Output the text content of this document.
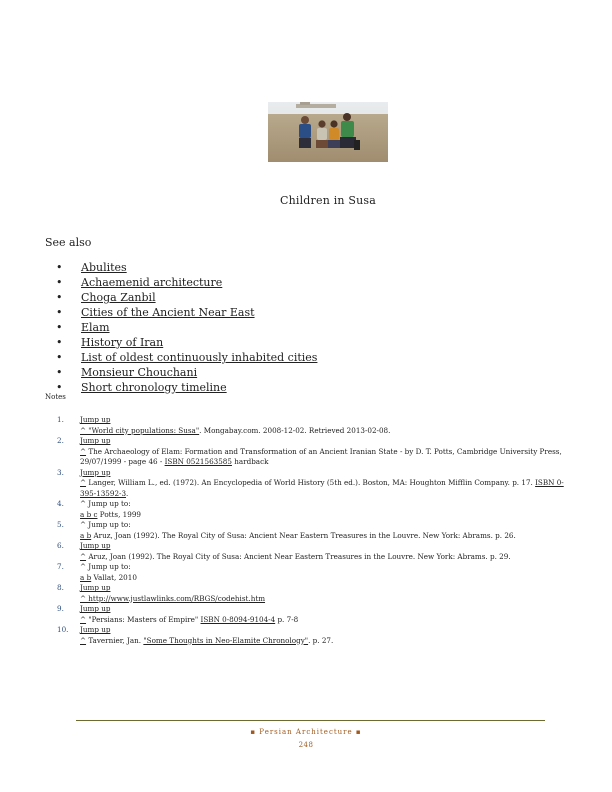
Children in Susa
See also
• Abulites
• Achaemenid architecture
• Choga Zanbil
• Cities of the Ancient Near East
• Elam
• History of Iran
• List of oldest continuously inhabited cities
• Monsieur Chouchani
• Short chronology timeline
Notes
1.	Jump up
^ "World city populations: Susa". Mongabay.com. 2008-12-02. Retrieved 2013-02-08.
2.	Jump up
^ The Archaeology of Elam: Formation and Transformation of an Ancient Iranian State - by D. T. Potts, Cambridge University Press, 29/07/1999 - page 46 - ISBN 0521563585 hardback
3.	Jump up
^ Langer, William L., ed. (1972). An Encyclopedia of World History (5th ed.). Boston, MA: Houghton Mifflin Company. p. 17. ISBN 0-395-13592-3.
4.	^ Jump up to:
a b c Potts, 1999
5.	^ Jump up to:
a b Aruz, Joan (1992). The Royal City of Susa: Ancient Near Eastern Treasures in the Louvre. New York: Abrams. p. 26.
6.	Jump up
^ Aruz, Joan (1992). The Royal City of Susa: Ancient Near Eastern Treasures in the Louvre. New York: Abrams. p. 29.
7.	^ Jump up to:
a b Vallat, 2010
8.	Jump up
^ http://www.justlawlinks.com/RBGS/codehist.htm
9.	Jump up
^ "Persians: Masters of Empire" ISBN 0-8094-9104-4 p. 7-8
10.	Jump up
^ Tavernier, Jan. "Some Thoughts in Neo-Elamite Chronology". p. 27.
▪ Persian Architecture ▪
248
